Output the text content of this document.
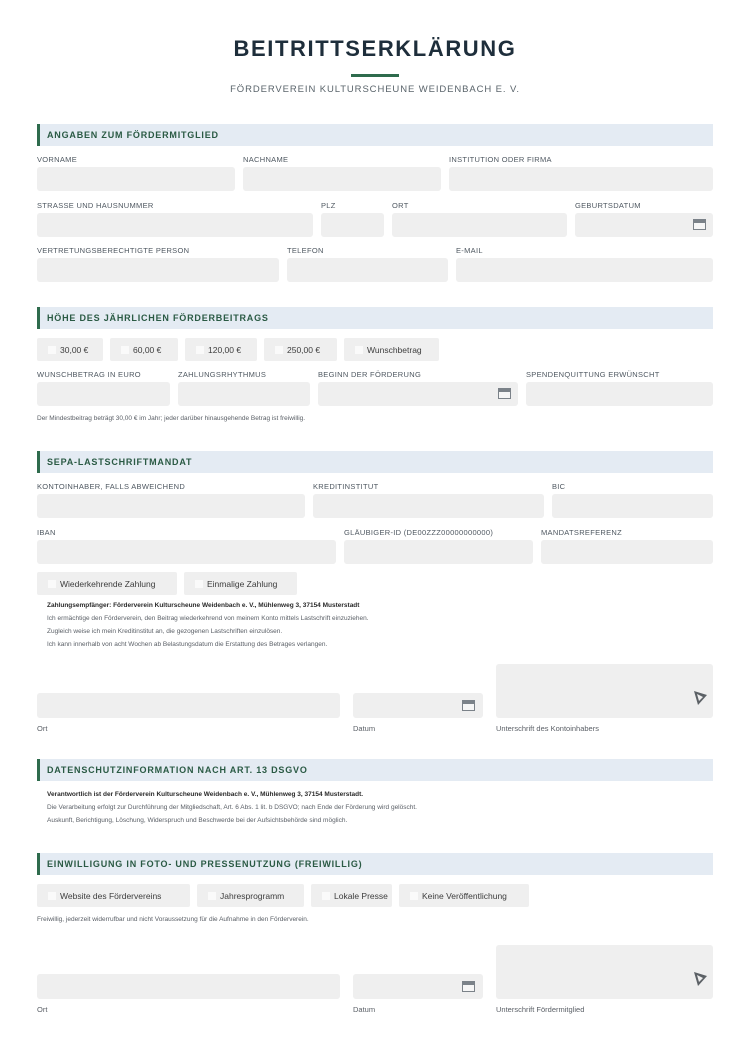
BEITRITTSERKLÄRUNG
FÖRDERVEREIN KULTURSCHEUNE WEIDENBACH E. V.
ANGABEN ZUM FÖRDERMITGLIED
VORNAME	NACHNAME	INSTITUTION ODER FIRMA
STRASSE UND HAUSNUMMER	PLZ	ORT	GEBURTSDATUM
VERTRETUNGSBERECHTIGTE PERSON	TELEFON	E-MAIL
HÖHE DES JÄHRLICHEN FÖRDERBEITRAGS
30,00 €	60,00 €	120,00 €	250,00 €	Wunschbetrag
WUNSCHBETRAG IN EURO	ZAHLUNGSRHYTHMUS	BEGINN DER FÖRDERUNG	SPENDENQUITTUNG ERWÜNSCHT
Der Mindestbeitrag beträgt 30,00 € im Jahr; jeder darüber hinausgehende Betrag ist freiwillig.
SEPA-LASTSCHRIFTMANDAT
KONTOINHABER, FALLS ABWEICHEND	KREDITINSTITUT	BIC
IBAN	GLÄUBIGER-ID (DE00ZZZ00000000000)	MANDATSREFERENZ
Wiederkehrende Zahlung	Einmalige Zahlung
Zahlungsempfänger: Förderverein Kulturscheune Weidenbach e. V., Mühlenweg 3, 37154 Musterstadt
Ich ermächtige den Förderverein, den Beitrag wiederkehrend von meinem Konto mittels Lastschrift einzuziehen.
Zugleich weise ich mein Kreditinstitut an, die gezogenen Lastschriften einzulösen.
Ich kann innerhalb von acht Wochen ab Belastungsdatum die Erstattung des Betrages verlangen.
Ort	Datum	Unterschrift des Kontoinhabers
DATENSCHUTZINFORMATION NACH ART. 13 DSGVO
Verantwortlich ist der Förderverein Kulturscheune Weidenbach e. V., Mühlenweg 3, 37154 Musterstadt.
Die Verarbeitung erfolgt zur Durchführung der Mitgliedschaft, Art. 6 Abs. 1 lit. b DSGVO; nach Ende der Förderung wird gelöscht.
Auskunft, Berichtigung, Löschung, Widerspruch und Beschwerde bei der Aufsichtsbehörde sind möglich.
EINWILLIGUNG IN FOTO- UND PRESSENUTZUNG (FREIWILLIG)
Website des Fördervereins	Jahresprogramm	Lokale Presse	Keine Veröffentlichung
Freiwillig, jederzeit widerrufbar und nicht Voraussetzung für die Aufnahme in den Förderverein.
Ort	Datum	Unterschrift Fördermitglied
